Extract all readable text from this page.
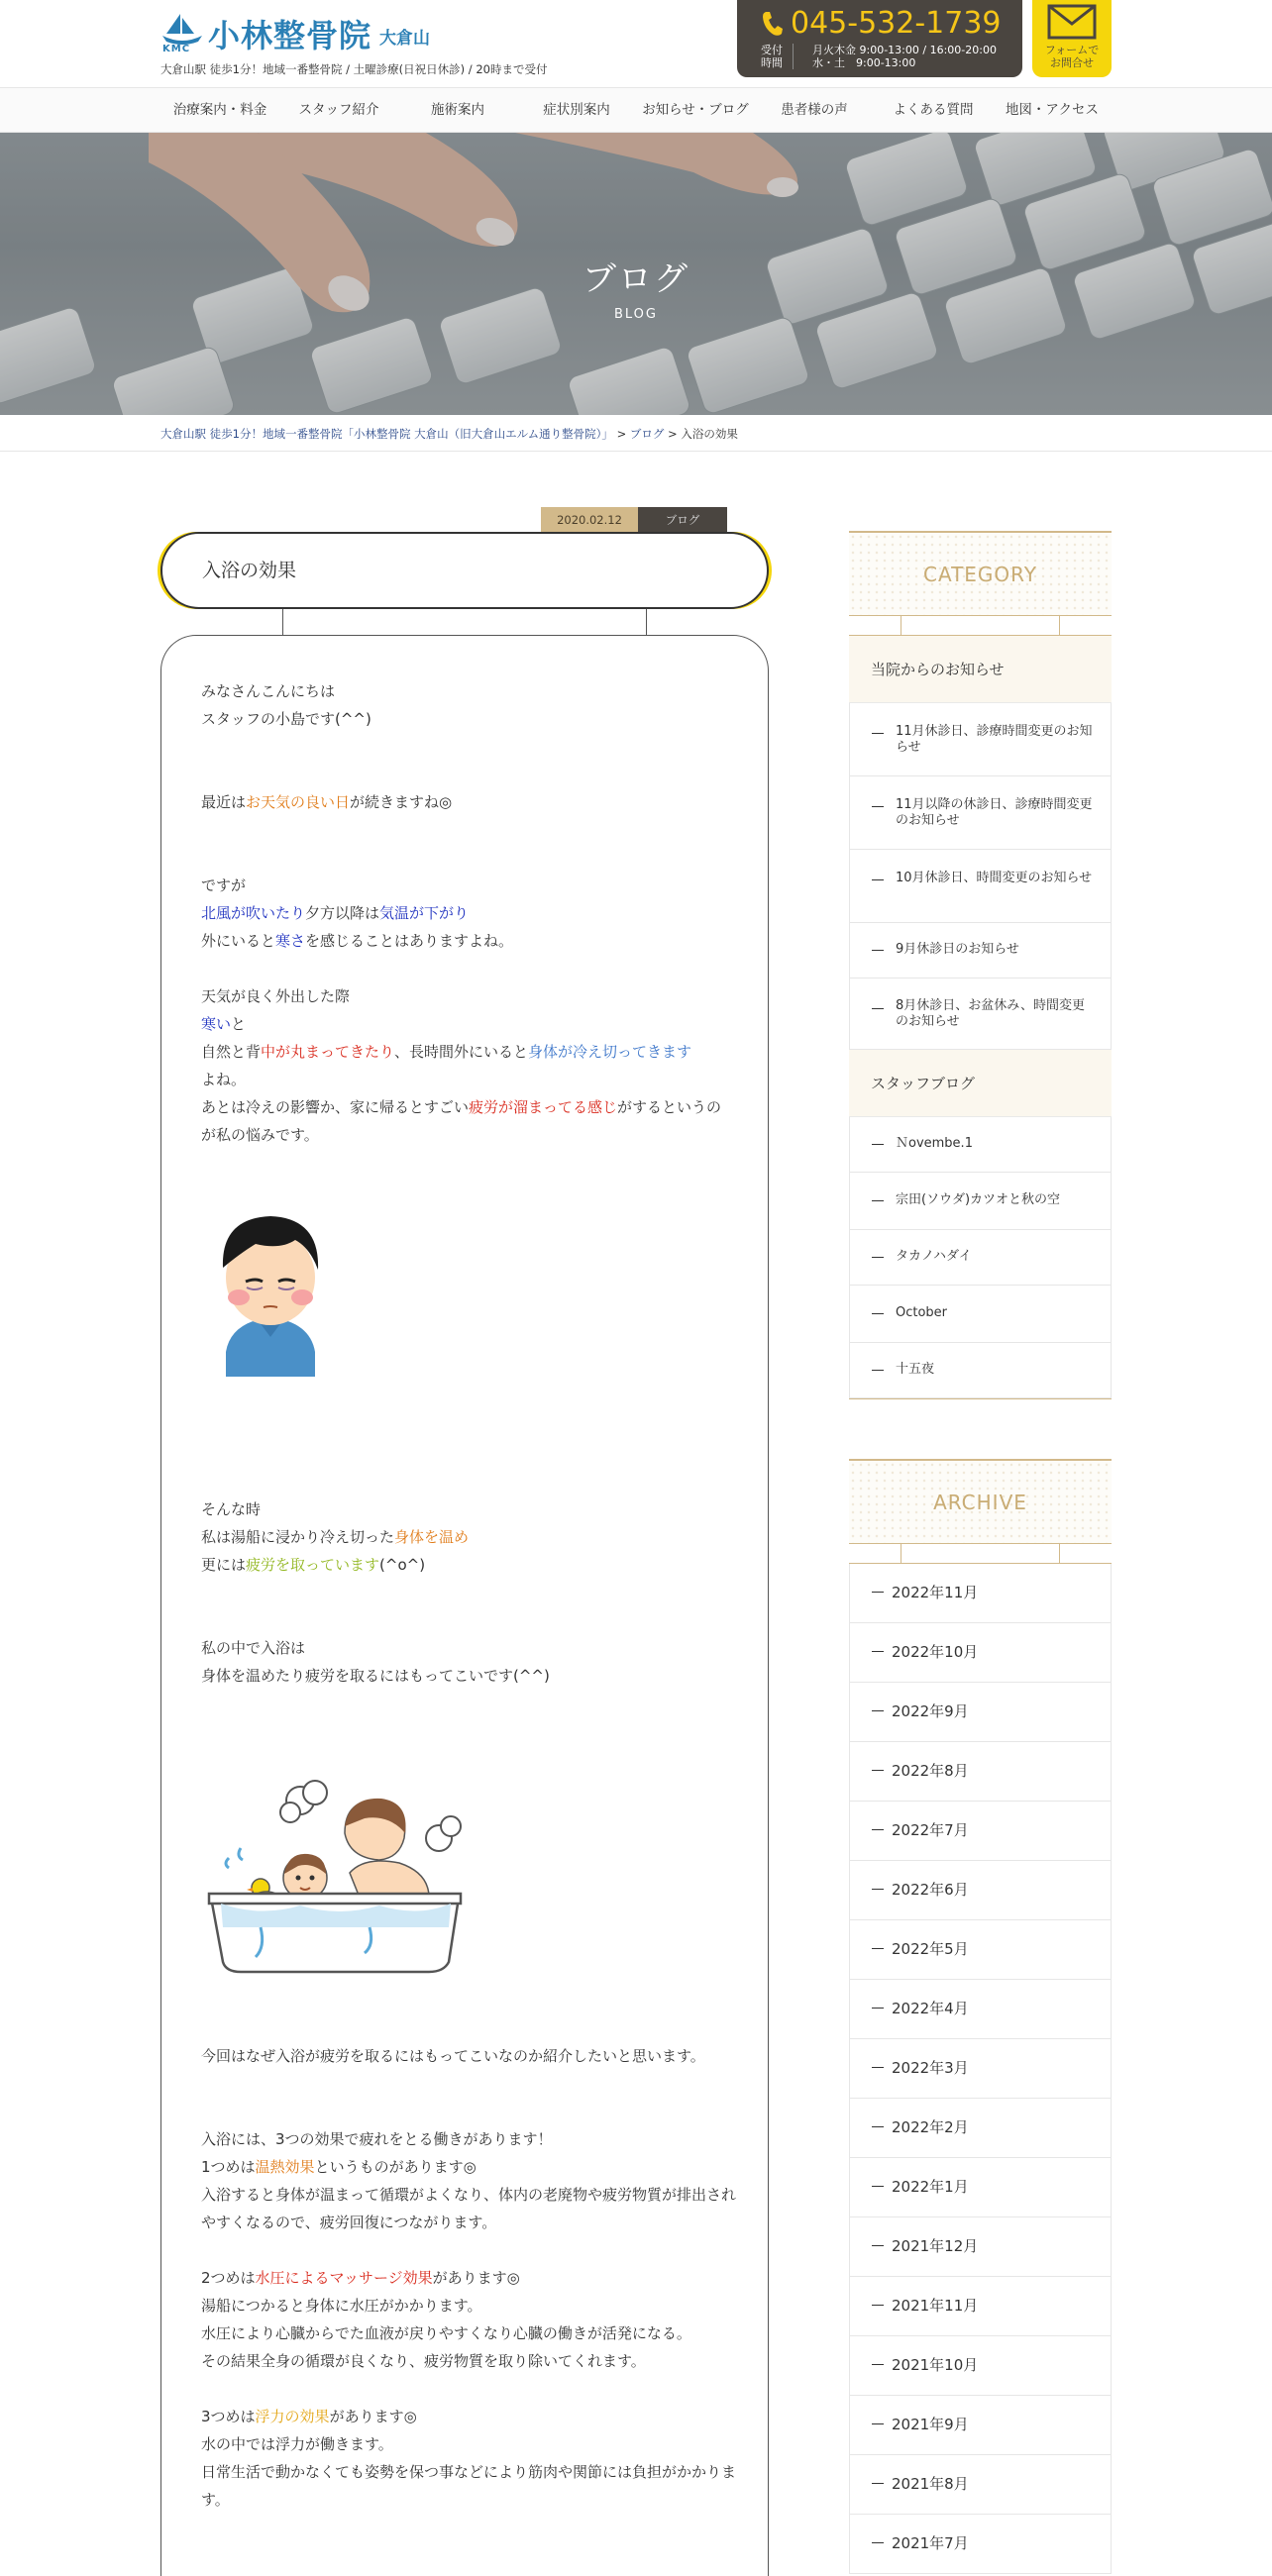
KMC 小林整骨院 大倉山
大倉山駅 徒歩1分！地域一番整骨院 / 土曜診療(日祝日休診) / 20時まで受付
045-532-1739
受付
時間
月火木金 9:00-13:00 / 16:00-20:00
水・土　9:00-13:00
フォームで
お問合せ
治療案内・料金	スタッフ紹介	施術案内	症状別案内	お知らせ・ブログ	患者様の声	よくある質問	地図・アクセス
ブログ
BLOG
大倉山駅 徒歩1分！地域一番整骨院「小林整骨院 大倉山（旧大倉山エルム通り整骨院）」 > ブログ > 入浴の効果
2020.02.12	ブログ
入浴の効果
みなさんこんにちは
スタッフの小島です(^^)
最近はお天気の良い日が続きますね◎
ですが
北風が吹いたり夕方以降は気温が下がり
外にいると寒さを感じることはありますよね。
天気が良く外出した際
寒いと
自然と背中が丸まってきたり、長時間外にいると身体が冷え切ってきます
よね。
あとは冷えの影響か、家に帰るとすごい疲労が溜まってる感じがするというのが私の悩みです。
そんな時
私は湯船に浸かり冷え切った身体を温め
更には疲労を取っています(^o^)
私の中で入浴は
身体を温めたり疲労を取るにはもってこいです(^^)
今回はなぜ入浴が疲労を取るにはもってこいなのか紹介したいと思います。
入浴には、3つの効果で疲れをとる働きがあります！
1つめは温熱効果というものがあります◎
入浴すると身体が温まって循環がよくなり、体内の老廃物や疲労物質が排出されやすくなるので、疲労回復につながります。
2つめは水圧によるマッサージ効果があります◎
湯船につかると身体に水圧がかかります。
水圧により心臓からでた血液が戻りやすくなり心臓の働きが活発になる。
その結果全身の循環が良くなり、疲労物質を取り除いてくれます。
3つめは浮力の効果があります◎
水の中では浮力が働きます。
日常生活で動かなくても姿勢を保つ事などにより筋肉や関節には負担がかかります。
CATEGORY
当院からのお知らせ
11月休診日、診療時間変更のお知らせ
11月以降の休診日、診療時間変更のお知らせ
10月休診日、時間変更のお知らせ
9月休診日のお知らせ
8月休診日、お盆休み、時間変更のお知らせ
スタッフブログ
Ｎovembe.1
宗田(ソウダ)カツオと秋の空
タカノハダイ
October
十五夜
ARCHIVE
2022年11月
2022年10月
2022年9月
2022年8月
2022年7月
2022年6月
2022年5月
2022年4月
2022年3月
2022年2月
2022年1月
2021年12月
2021年11月
2021年10月
2021年9月
2021年8月
2021年7月
